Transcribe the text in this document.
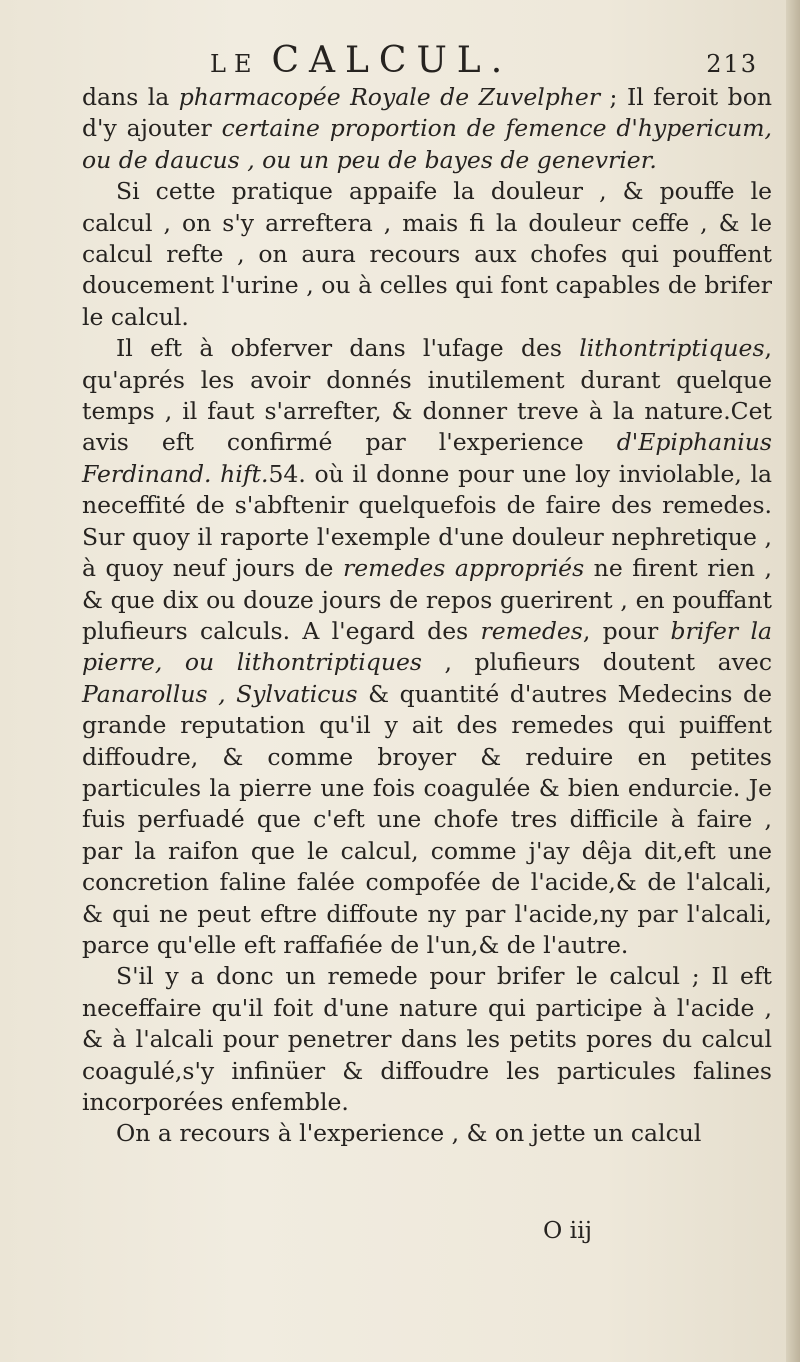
LE CALCUL.	213

dans la pharmacopée Royale de Zuvelpher ; Il feroit bon d'y ajouter certaine proportion de femence d'hypericum, ou de daucus , ou un peu de bayes de genevrier.

Si cette pratique appaife la douleur , & pouffe le calcul , on s'y arreftera , mais fi la douleur ceffe , & le calcul refte , on aura recours aux chofes qui pouffent doucement l'urine , ou à celles qui font capables de brifer le calcul.

Il eft à obferver dans l'ufage des lithontriptiques, qu'aprés les avoir donnés inutilement durant quelque temps , il faut s'arrefter, & donner treve à la nature.Cet avis eft confirmé par l'experience d'Epiphanius Ferdinand. hift.54. où il donne pour une loy inviolable, la neceffité de s'abftenir quelquefois de faire des remedes. Sur quoy il raporte l'exemple d'une douleur nephretique , à quoy neuf jours de remedes appropriés ne firent rien , & que dix ou douze jours de repos guerirent , en pouffant plufieurs calculs. A l'egard des remedes, pour brifer la pierre, ou lithontriptiques , plufieurs doutent avec Panarollus , Sylvaticus & quantité d'autres Medecins de grande reputation qu'il y ait des remedes qui puiffent diffoudre, & comme broyer & reduire en petites particules la pierre une fois coagulée & bien endurcie. Je fuis perfuadé que c'eft une chofe tres difficile à faire , par la raifon que le calcul, comme j'ay dêja dit,eft une concretion faline falée compofée de l'acide,& de l'alcali, & qui ne peut eftre diffoute ny par l'acide,ny par l'alcali, parce qu'elle eft raffafiée de l'un,& de l'autre.

S'il y a donc un remede pour brifer le calcul ; Il eft neceffaire qu'il foit d'une nature qui participe à l'acide , & à l'alcali pour penetrer dans les petits pores du calcul coagulé,s'y infinüer & diffoudre les particules falines incorporées enfemble.

On a recours à l'experience , & on jette un calcul

O iij
